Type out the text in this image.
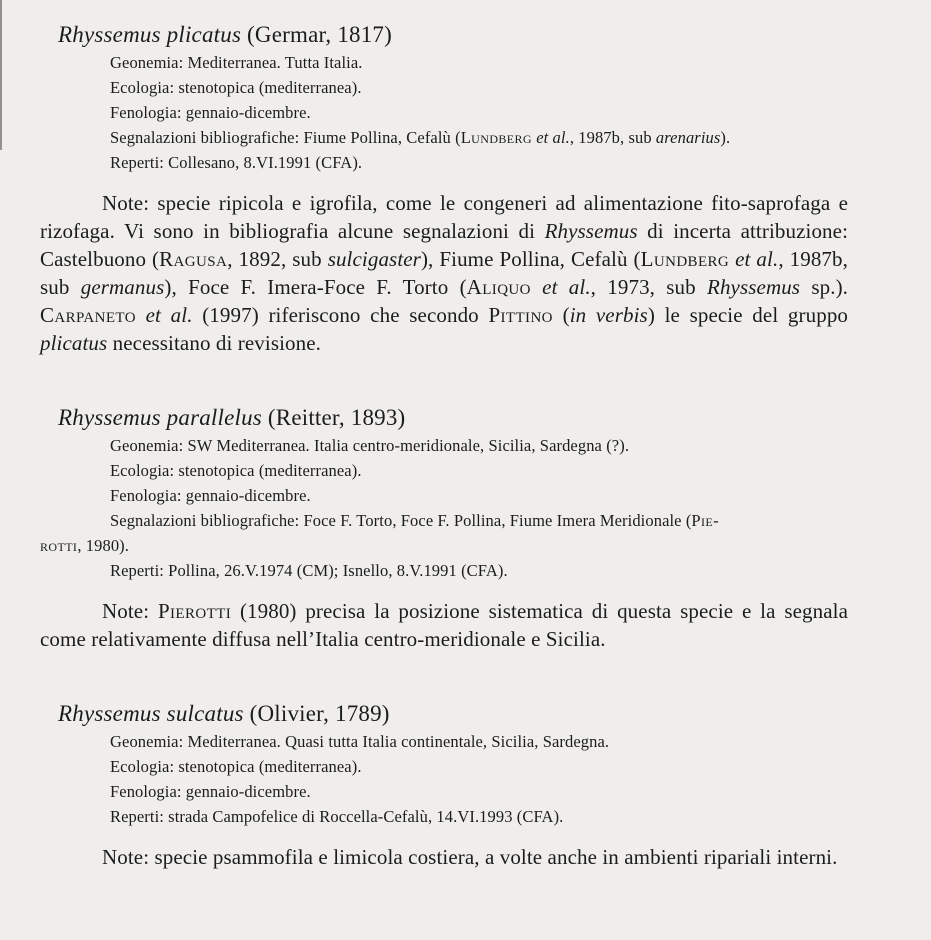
Rhyssemus plicatus (Germar, 1817)

Geonemia: Mediterranea. Tutta Italia.

Ecologia: stenotopica (mediterranea).

Fenologia: gennaio-dicembre.

Segnalazioni bibliografiche: Fiume Pollina, Cefalù (Lundberg et al., 1987b, sub arenarius).

Reperti: Collesano, 8.VI.1991 (CFA).

Note: specie ripicola e igrofila, come le congeneri ad alimentazione fito-saprofaga e rizofaga. Vi sono in bibliografia alcune segnalazioni di Rhyssemus di incerta attribuzione: Castelbuono (Ragusa, 1892, sub sulcigaster), Fiume Pollina, Cefalù (Lundberg et al., 1987b, sub germanus), Foce F. Imera-Foce F. Torto (Aliquo et al., 1973, sub Rhyssemus sp.). Carpaneto et al. (1997) riferiscono che secondo Pittino (in verbis) le specie del gruppo plicatus necessitano di revisione.

Rhyssemus parallelus (Reitter, 1893)

Geonemia: SW Mediterranea. Italia centro-meridionale, Sicilia, Sardegna (?).

Ecologia: stenotopica (mediterranea).

Fenologia: gennaio-dicembre.

Segnalazioni bibliografiche: Foce F. Torto, Foce F. Pollina, Fiume Imera Meridionale (Pie-

rotti, 1980).

Reperti: Pollina, 26.V.1974 (CM); Isnello, 8.V.1991 (CFA).

Note: Pierotti (1980) precisa la posizione sistematica di questa specie e la segnala come relativamente diffusa nell’Italia centro-meridionale e Sicilia.

Rhyssemus sulcatus (Olivier, 1789)

Geonemia: Mediterranea. Quasi tutta Italia continentale, Sicilia, Sardegna.

Ecologia: stenotopica (mediterranea).

Fenologia: gennaio-dicembre.

Reperti: strada Campofelice di Roccella-Cefalù, 14.VI.1993 (CFA).

Note: specie psammofila e limicola costiera, a volte anche in ambienti ripariali interni.
